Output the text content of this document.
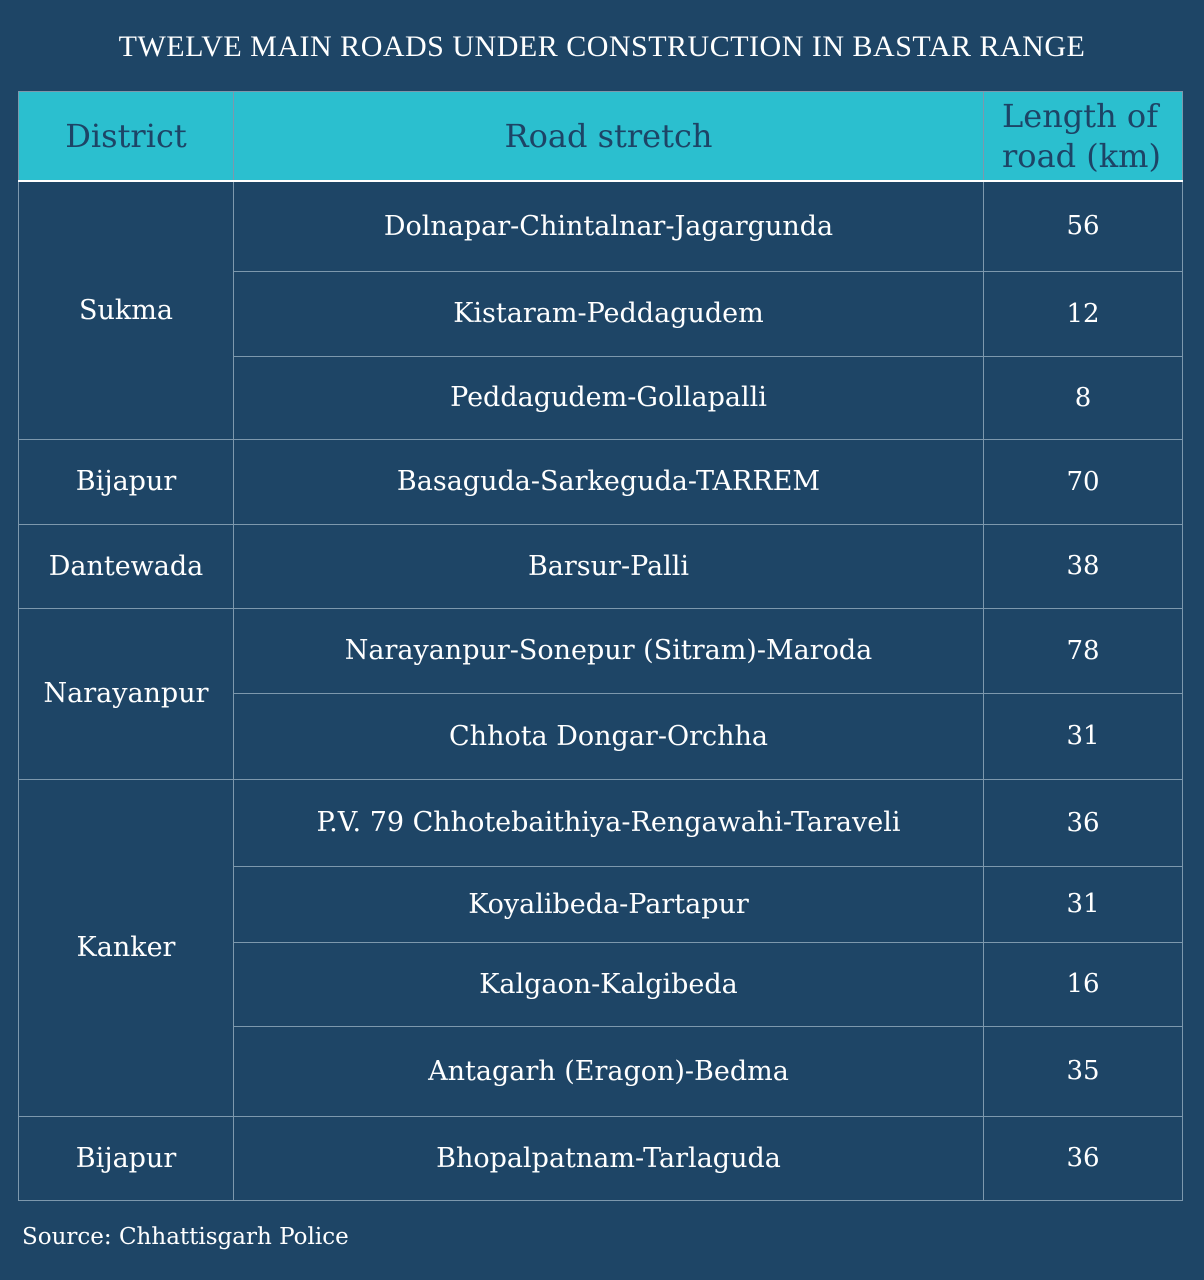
TWELVE MAIN ROADS UNDER CONSTRUCTION IN BASTAR RANGE
District	Road stretch	Length of
road (km)
Sukma	Dolnapar-Chintalnar-Jagargunda	56
	Kistaram-Peddagudem	12
	Peddagudem-Gollapalli	8
Bijapur	Basaguda-Sarkeguda-TARREM	70
Dantewada	Barsur-Palli	38
Narayanpur	Narayanpur-Sonepur (Sitram)-Maroda	78
	Chhota Dongar-Orchha	31
Kanker	P.V. 79 Chhotebaithiya-Rengawahi-Taraveli	36
	Koyalibeda-Partapur	31
	Kalgaon-Kalgibeda	16
	Antagarh (Eragon)-Bedma	35
Bijapur	Bhopalpatnam-Tarlaguda	36
Source: Chhattisgarh Police
